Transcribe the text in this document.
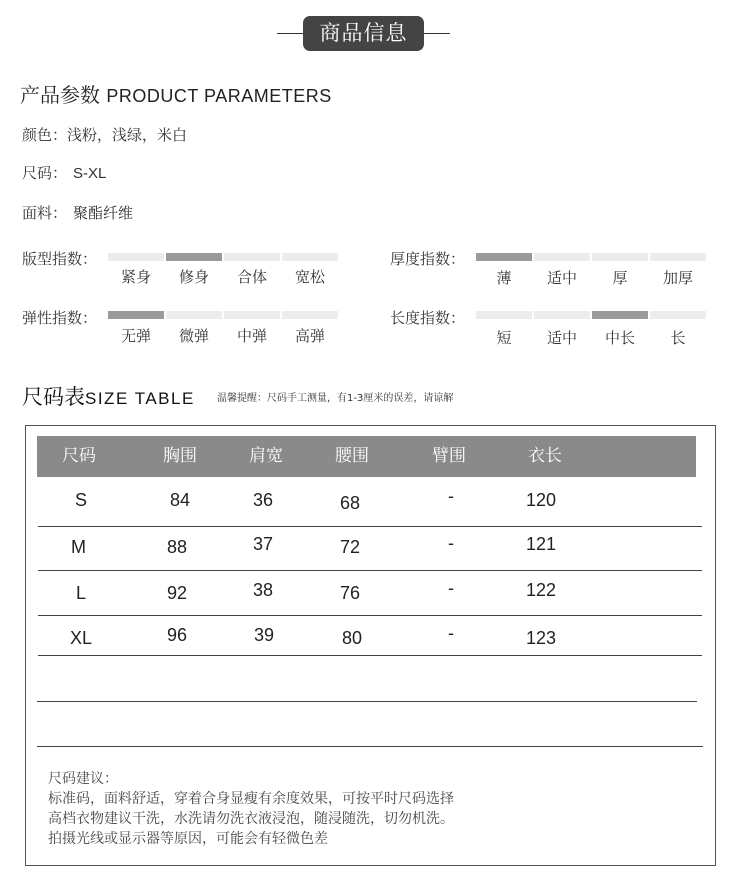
商品信息
产品参数 PRODUCT PARAMETERS
颜色：浅粉，浅绿，米白
尺码： S-XL
面料： 聚酯纤维
版型指数：
紧身	修身	合体	宽松
厚度指数：
薄	适中	厚	加厚
弹性指数：
无弹	微弹	中弹	高弹
长度指数：
短	适中	中长	长
尺码表SIZE TABLE 温馨提醒：尺码手工测量，有1-3厘米的误差，请谅解
尺码	胸围	肩宽	腰围	臂围	衣长
S	84	36	68	-	120
M	88	37	72	-	121
L	92	38	76	-	122
XL	96	39	80	-	123
尺码建议：
标准码，面料舒适，穿着合身显瘦有余度效果，可按平时尺码选择
高档衣物建议干洗，水洗请勿洗衣液浸泡，随浸随洗，切勿机洗。
拍摄光线或显示器等原因，可能会有轻微色差
